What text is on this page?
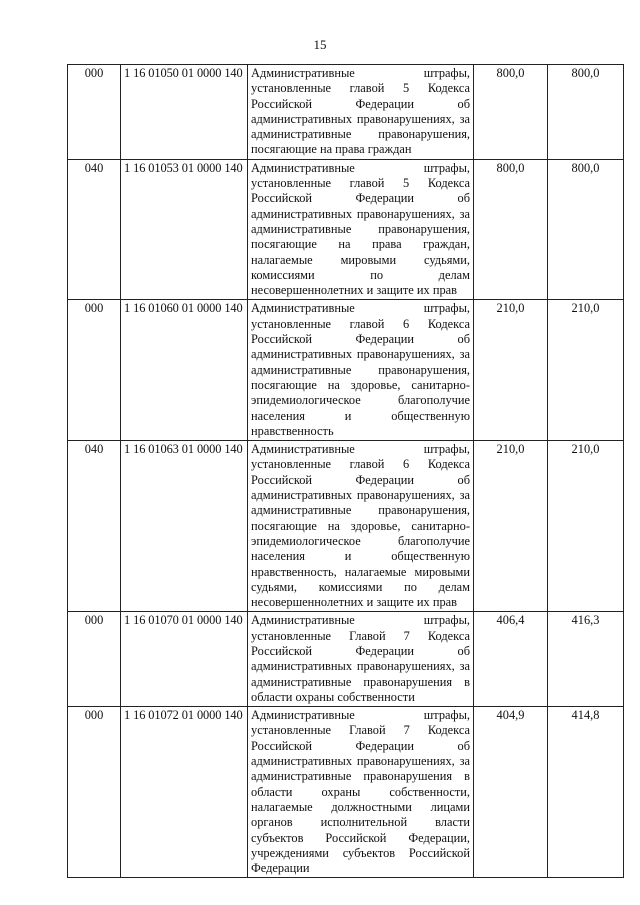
15
000	1 16 01050 01 0000 140	Административные штрафы, установленные главой 5 Кодекса Российской Федерации об административных правонарушениях, за административные правонарушения, посягающие на права граждан	800,0	800,0
040	1 16 01053 01 0000 140	Административные штрафы, установленные главой 5 Кодекса Российской Федерации об административных правонарушениях, за административные правонарушения, посягающие на права граждан, налагаемые мировыми судьями, комиссиями по делам несовершеннолетних и защите их прав	800,0	800,0
000	1 16 01060 01 0000 140	Административные штрафы, установленные главой 6 Кодекса Российской Федерации об административных правонарушениях, за административные правонарушения, посягающие на здоровье, санитарно-эпидемиологическое благополучие населения и общественную нравственность	210,0	210,0
040	1 16 01063 01 0000 140	Административные штрафы, установленные главой 6 Кодекса Российской Федерации об административных правонарушениях, за административные правонарушения, посягающие на здоровье, санитарно-эпидемиологическое благополучие населения и общественную нравственность, налагаемые мировыми судьями, комиссиями по делам несовершеннолетних и защите их прав	210,0	210,0
000	1 16 01070 01 0000 140	Административные штрафы, установленные Главой 7 Кодекса Российской Федерации об административных правонарушениях, за административные правонарушения в области охраны собственности	406,4	416,3
000	1 16 01072 01 0000 140	Административные штрафы, установленные Главой 7 Кодекса Российской Федерации об административных правонарушениях, за административные правонарушения в области охраны собственности, налагаемые должностными лицами органов исполнительной власти субъектов Российской Федерации, учреждениями субъектов Российской Федерации	404,9	414,8
